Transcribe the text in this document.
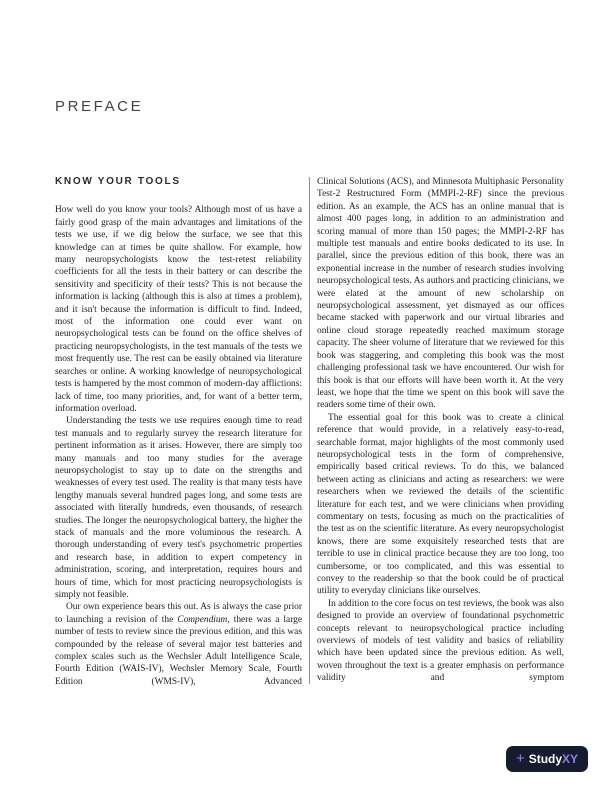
PREFACE
KNOW YOUR TOOLS

How well do you know your tools? Although most of us have a fairly good grasp of the main advantages and limitations of the tests we use, if we dig below the surface, we see that this knowledge can at times be quite shallow. For example, how many neuropsychologists know the test-retest reliability coefficients for all the tests in their battery or can describe the sensitivity and specificity of their tests? This is not because the information is lacking (although this is also at times a problem), and it isn't because the information is difficult to find. Indeed, most of the information one could ever want on neuropsychological tests can be found on the office shelves of practicing neuropsychologists, in the test manuals of the tests we most frequently use. The rest can be easily obtained via literature searches or online. A working knowledge of neuropsychological tests is hampered by the most common of modern-day afflictions: lack of time, too many priorities, and, for want of a better term, information overload.

Understanding the tests we use requires enough time to read test manuals and to regularly survey the research literature for pertinent information as it arises. However, there are simply too many manuals and too many studies for the average neuropsychologist to stay up to date on the strengths and weaknesses of every test used. The reality is that many tests have lengthy manuals several hundred pages long, and some tests are associated with literally hundreds, even thousands, of research studies. The longer the neuropsychological battery, the higher the stack of manuals and the more voluminous the research. A thorough understanding of every test's psychometric properties and research base, in addition to expert competency in administration, scoring, and interpretation, requires hours and hours of time, which for most practicing neuropsychologists is simply not feasible.

Our own experience bears this out. As is always the case prior to launching a revision of the Compendium, there was a large number of tests to review since the previous edition, and this was compounded by the release of several major test batteries and complex scales such as the Wechsler Adult Intelligence Scale, Fourth Edition (WAIS-IV), Wechsler Memory Scale, Fourth Edition (WMS-IV), Advanced

Clinical Solutions (ACS), and Minnesota Multiphasic Personality Test-2 Restructured Form (MMPI-2-RF) since the previous edition. As an example, the ACS has an online manual that is almost 400 pages long, in addition to an administration and scoring manual of more than 150 pages; the MMPI-2-RF has multiple test manuals and entire books dedicated to its use. In parallel, since the previous edition of this book, there was an exponential increase in the number of research studies involving neuropsychological tests. As authors and practicing clinicians, we were elated at the amount of new scholarship on neuropsychological assessment, yet dismayed as our offices became stacked with paperwork and our virtual libraries and online cloud storage repeatedly reached maximum storage capacity. The sheer volume of literature that we reviewed for this book was staggering, and completing this book was the most challenging professional task we have encountered. Our wish for this book is that our efforts will have been worth it. At the very least, we hope that the time we spent on this book will save the readers some time of their own.

The essential goal for this book was to create a clinical reference that would provide, in a relatively easy-to-read, searchable format, major highlights of the most commonly used neuropsychological tests in the form of comprehensive, empirically based critical reviews. To do this, we balanced between acting as clinicians and acting as researchers: we were researchers when we reviewed the details of the scientific literature for each test, and we were clinicians when providing commentary on tests, focusing as much on the practicalities of the test as on the scientific literature. As every neuropsychologist knows, there are some exquisitely researched tests that are terrible to use in clinical practice because they are too long, too cumbersome, or too complicated, and this was essential to convey to the readership so that the book could be of practical utility to everyday clinicians like ourselves.

In addition to the core focus on test reviews, the book was also designed to provide an overview of foundational psychometric concepts relevant to neuropsychological practice including overviews of models of test validity and basics of reliability which have been updated since the previous edition. As well, woven throughout the text is a greater emphasis on performance validity and symptom

+ Study XY
